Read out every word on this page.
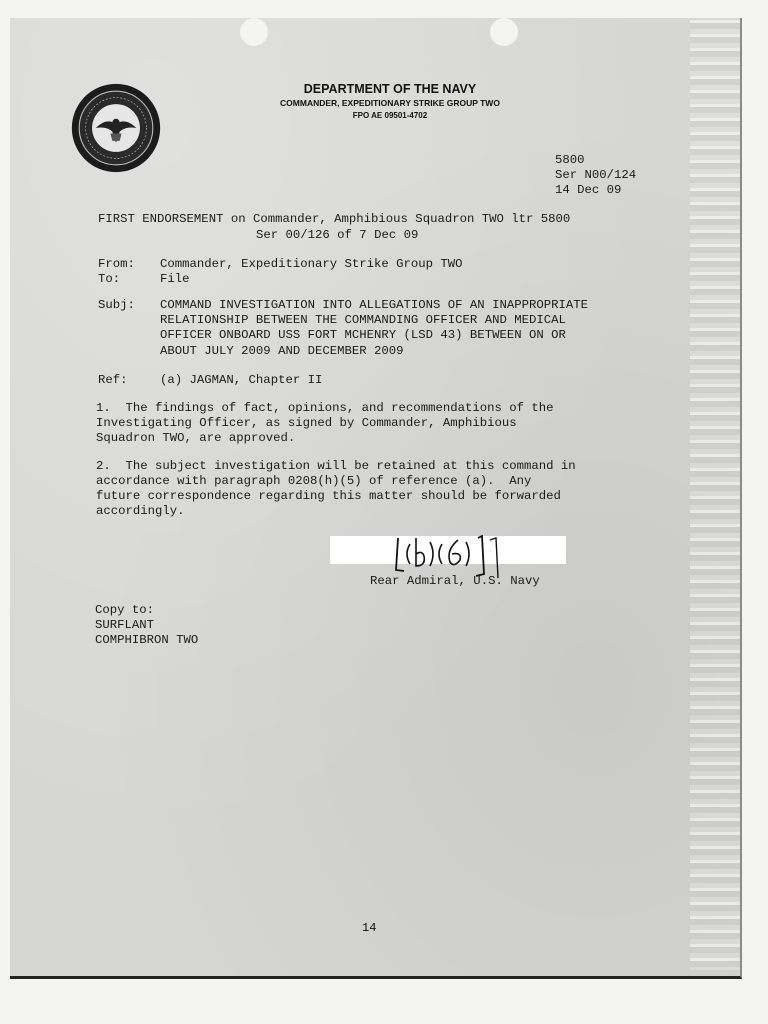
DEPARTMENT OF THE NAVY
COMMANDER, EXPEDITIONARY STRIKE GROUP TWO
FPO AE 09501-4702
5800
Ser N00/124
14 Dec 09
FIRST ENDORSEMENT on Commander, Amphibious Squadron TWO ltr 5800
Ser 00/126 of 7 Dec 09
From: Commander, Expeditionary Strike Group TWO
To:	File
Subj: COMMAND INVESTIGATION INTO ALLEGATIONS OF AN INAPPROPRIATE
RELATIONSHIP BETWEEN THE COMMANDING OFFICER AND MEDICAL
OFFICER ONBOARD USS FORT MCHENRY (LSD 43) BETWEEN ON OR
ABOUT JULY 2009 AND DECEMBER 2009
Ref:	(a) JAGMAN, Chapter II
1.  The findings of fact, opinions, and recommendations of the
Investigating Officer, as signed by Commander, Amphibious
Squadron TWO, are approved.
2.  The subject investigation will be retained at this command in
accordance with paragraph 0208(h)(5) of reference (a).  Any
future correspondence regarding this matter should be forwarded
accordingly.
Rear Admiral, U.S. Navy
Copy to:
SURFLANT
COMPHIBRON TWO
14
